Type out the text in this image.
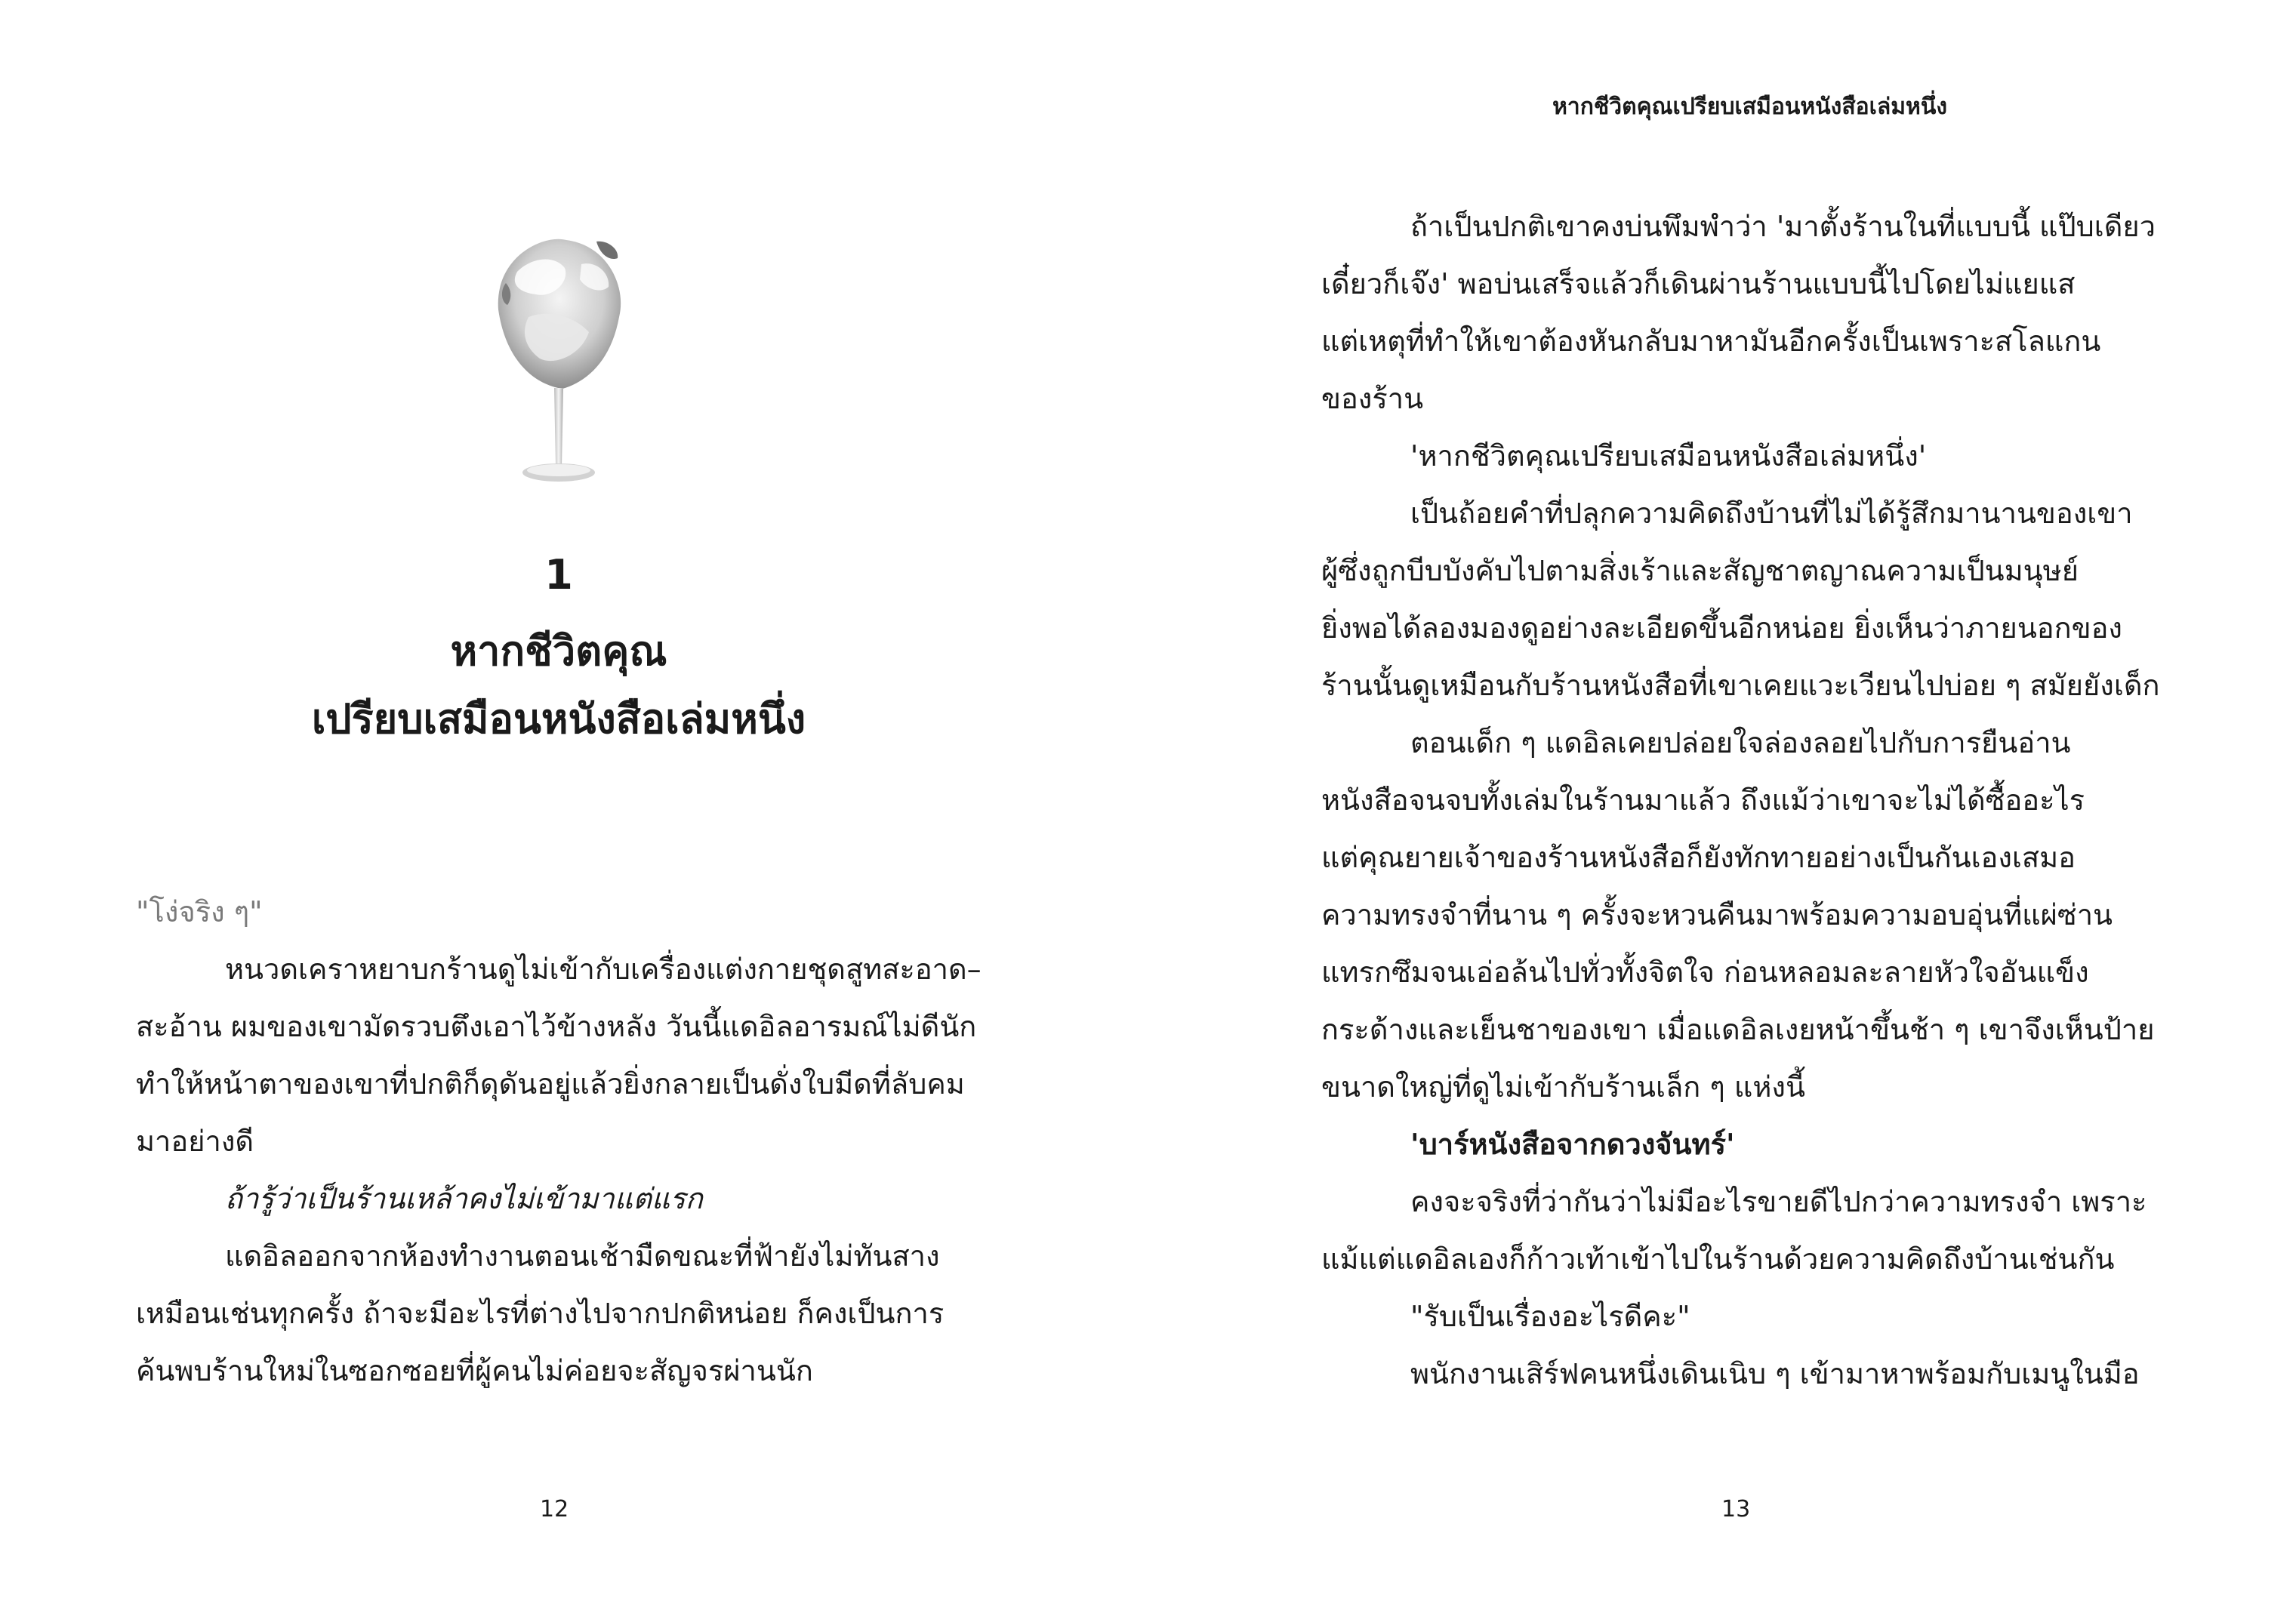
1
หากชีวิตคุณ
เปรียบเสมือนหนังสือเล่มหนึ่ง

"โง่จริง ๆ"

หนวดเคราหยาบกร้านดูไม่เข้ากับเครื่องแต่งกายชุดสูทสะอาด–

สะอ้าน ผมของเขามัดรวบตึงเอาไว้ข้างหลัง วันนี้แดอิลอารมณ์ไม่ดีนัก

ทำให้หน้าตาของเขาที่ปกติก็ดุดันอยู่แล้วยิ่งกลายเป็นดั่งใบมีดที่ลับคม

มาอย่างดี

ถ้ารู้ว่าเป็นร้านเหล้าคงไม่เข้ามาแต่แรก

แดอิลออกจากห้องทำงานตอนเช้ามืดขณะที่ฟ้ายังไม่ทันสาง

เหมือนเช่นทุกครั้ง ถ้าจะมีอะไรที่ต่างไปจากปกติหน่อย ก็คงเป็นการ

ค้นพบร้านใหม่ในซอกซอยที่ผู้คนไม่ค่อยจะสัญจรผ่านนัก

12
หากชีวิตคุณเปรียบเสมือนหนังสือเล่มหนึ่ง

ถ้าเป็นปกติเขาคงบ่นพึมพำว่า 'มาตั้งร้านในที่แบบนี้ แป๊บเดียว

เดี๋ยวก็เจ๊ง' พอบ่นเสร็จแล้วก็เดินผ่านร้านแบบนี้ไปโดยไม่แยแส

แต่เหตุที่ทำให้เขาต้องหันกลับมาหามันอีกครั้งเป็นเพราะสโลแกน

ของร้าน

'หากชีวิตคุณเปรียบเสมือนหนังสือเล่มหนึ่ง'

เป็นถ้อยคำที่ปลุกความคิดถึงบ้านที่ไม่ได้รู้สึกมานานของเขา

ผู้ซึ่งถูกบีบบังคับไปตามสิ่งเร้าและสัญชาตญาณความเป็นมนุษย์

ยิ่งพอได้ลองมองดูอย่างละเอียดขึ้นอีกหน่อย ยิ่งเห็นว่าภายนอกของ

ร้านนั้นดูเหมือนกับร้านหนังสือที่เขาเคยแวะเวียนไปบ่อย ๆ สมัยยังเด็ก

ตอนเด็ก ๆ แดอิลเคยปล่อยใจล่องลอยไปกับการยืนอ่าน

หนังสือจนจบทั้งเล่มในร้านมาแล้ว ถึงแม้ว่าเขาจะไม่ได้ซื้ออะไร

แต่คุณยายเจ้าของร้านหนังสือก็ยังทักทายอย่างเป็นกันเองเสมอ

ความทรงจำที่นาน ๆ ครั้งจะหวนคืนมาพร้อมความอบอุ่นที่แผ่ซ่าน

แทรกซึมจนเอ่อล้นไปทั่วทั้งจิตใจ ก่อนหลอมละลายหัวใจอันแข็ง

กระด้างและเย็นชาของเขา เมื่อแดอิลเงยหน้าขึ้นช้า ๆ เขาจึงเห็นป้าย

ขนาดใหญ่ที่ดูไม่เข้ากับร้านเล็ก ๆ แห่งนี้

'บาร์หนังสือจากดวงจันทร์'

คงจะจริงที่ว่ากันว่าไม่มีอะไรขายดีไปกว่าความทรงจำ เพราะ

แม้แต่แดอิลเองก็ก้าวเท้าเข้าไปในร้านด้วยความคิดถึงบ้านเช่นกัน

"รับเป็นเรื่องอะไรดีคะ"

พนักงานเสิร์ฟคนหนึ่งเดินเนิบ ๆ เข้ามาหาพร้อมกับเมนูในมือ

13
